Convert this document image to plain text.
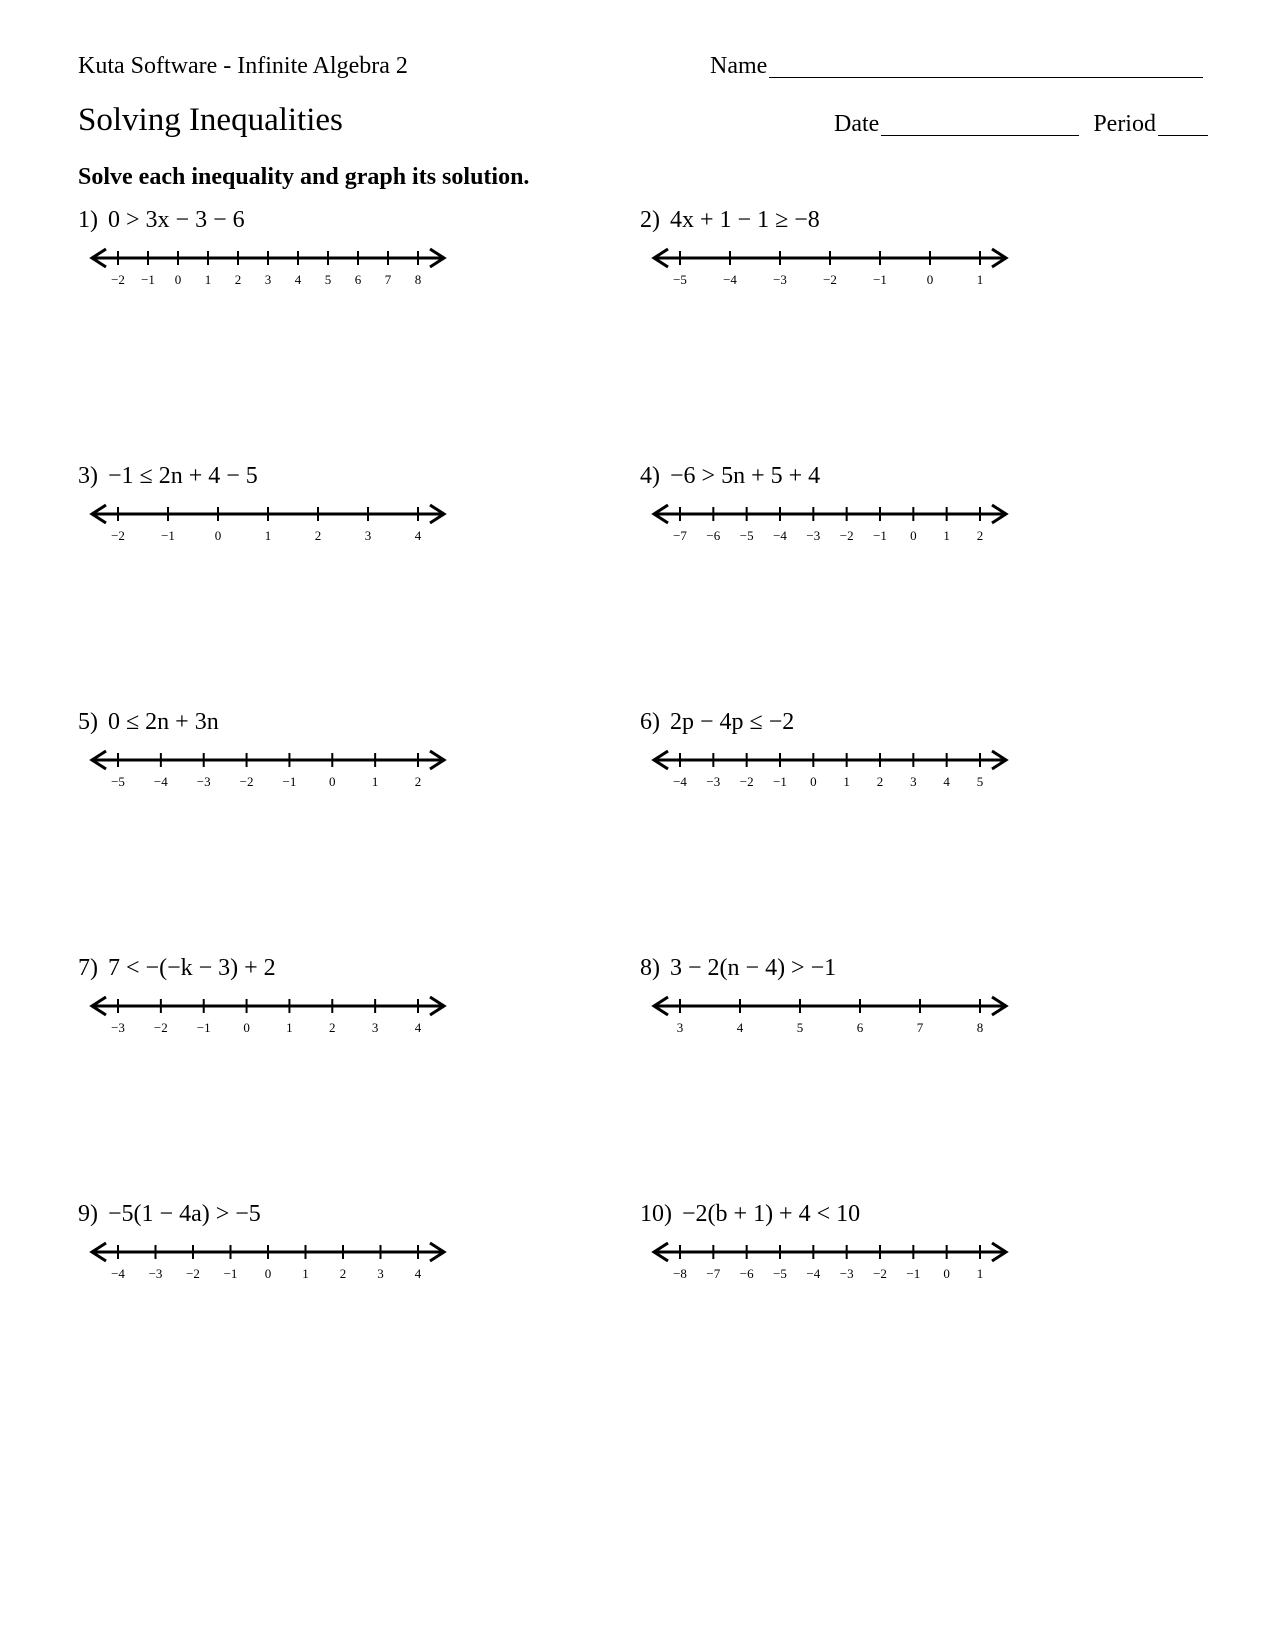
Kuta Software - Infinite Algebra 2	Name
Solving Inequalities	Date	Period
Solve each inequality and graph its solution.
1) 0 > 3x − 3 − 6
−2 −1 0 1 2 3 4 5 6 7 8
2) 4x + 1 − 1 ≥ −8
−5	−4	−3	−2	−1	0	1
3) −1 ≤ 2n + 4 − 5
−2	−1	0	1	2	3	4
4) −6 > 5n + 5 + 4
−7 −6 −5 −4 −3 −2 −1 0 1 2
5) 0 ≤ 2n + 3n
−5 −4 −3 −2 −1	0	1	2
6) 2p − 4p ≤ −2
−4 −3 −2 −1 0 1 2 3 4 5
7) 7 < −(−k − 3) + 2
−3 −2 −1	0	1	2	3	4
8) 3 − 2(n − 4) > −1
3	4	5	6	7	8
9) −5(1 − 4a) > −5
−4 −3 −2 −1 0 1 2 3 4
10) −2(b + 1) + 4 < 10
−8 −7 −6 −5 −4 −3 −2 −1 0 1
